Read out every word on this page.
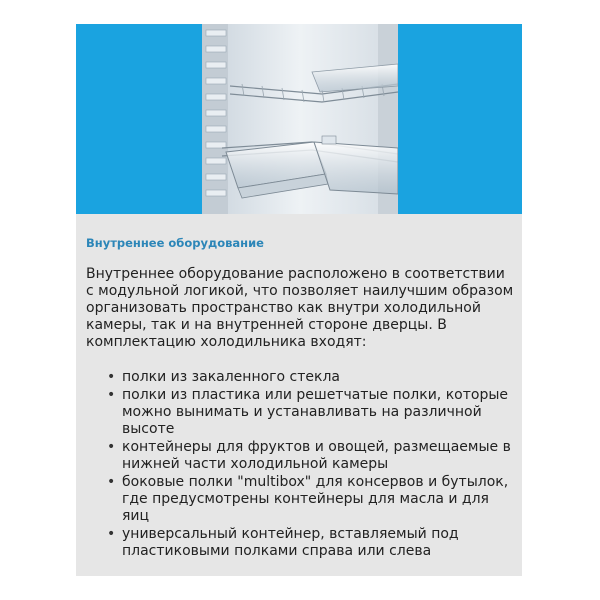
Внутреннее оборудование

Внутреннее оборудование расположено в соответствии с модульной логикой, что позволяет наилучшим образом организовать пространство как внутри холодильной камеры, так и на внутренней стороне дверцы. В комплектацию холодильника входят:

• полки из закаленного стекла
• полки из пластика или решетчатые полки, которые можно вынимать и устанавливать на различной высоте
• контейнеры для фруктов и овощей, размещаемые в нижней части холодильной камеры
• боковые полки "multibox" для консервов и бутылок, где предусмотрены контейнеры для масла и для яиц
• универсальный контейнер, вставляемый под пластиковыми полками справа или слева
